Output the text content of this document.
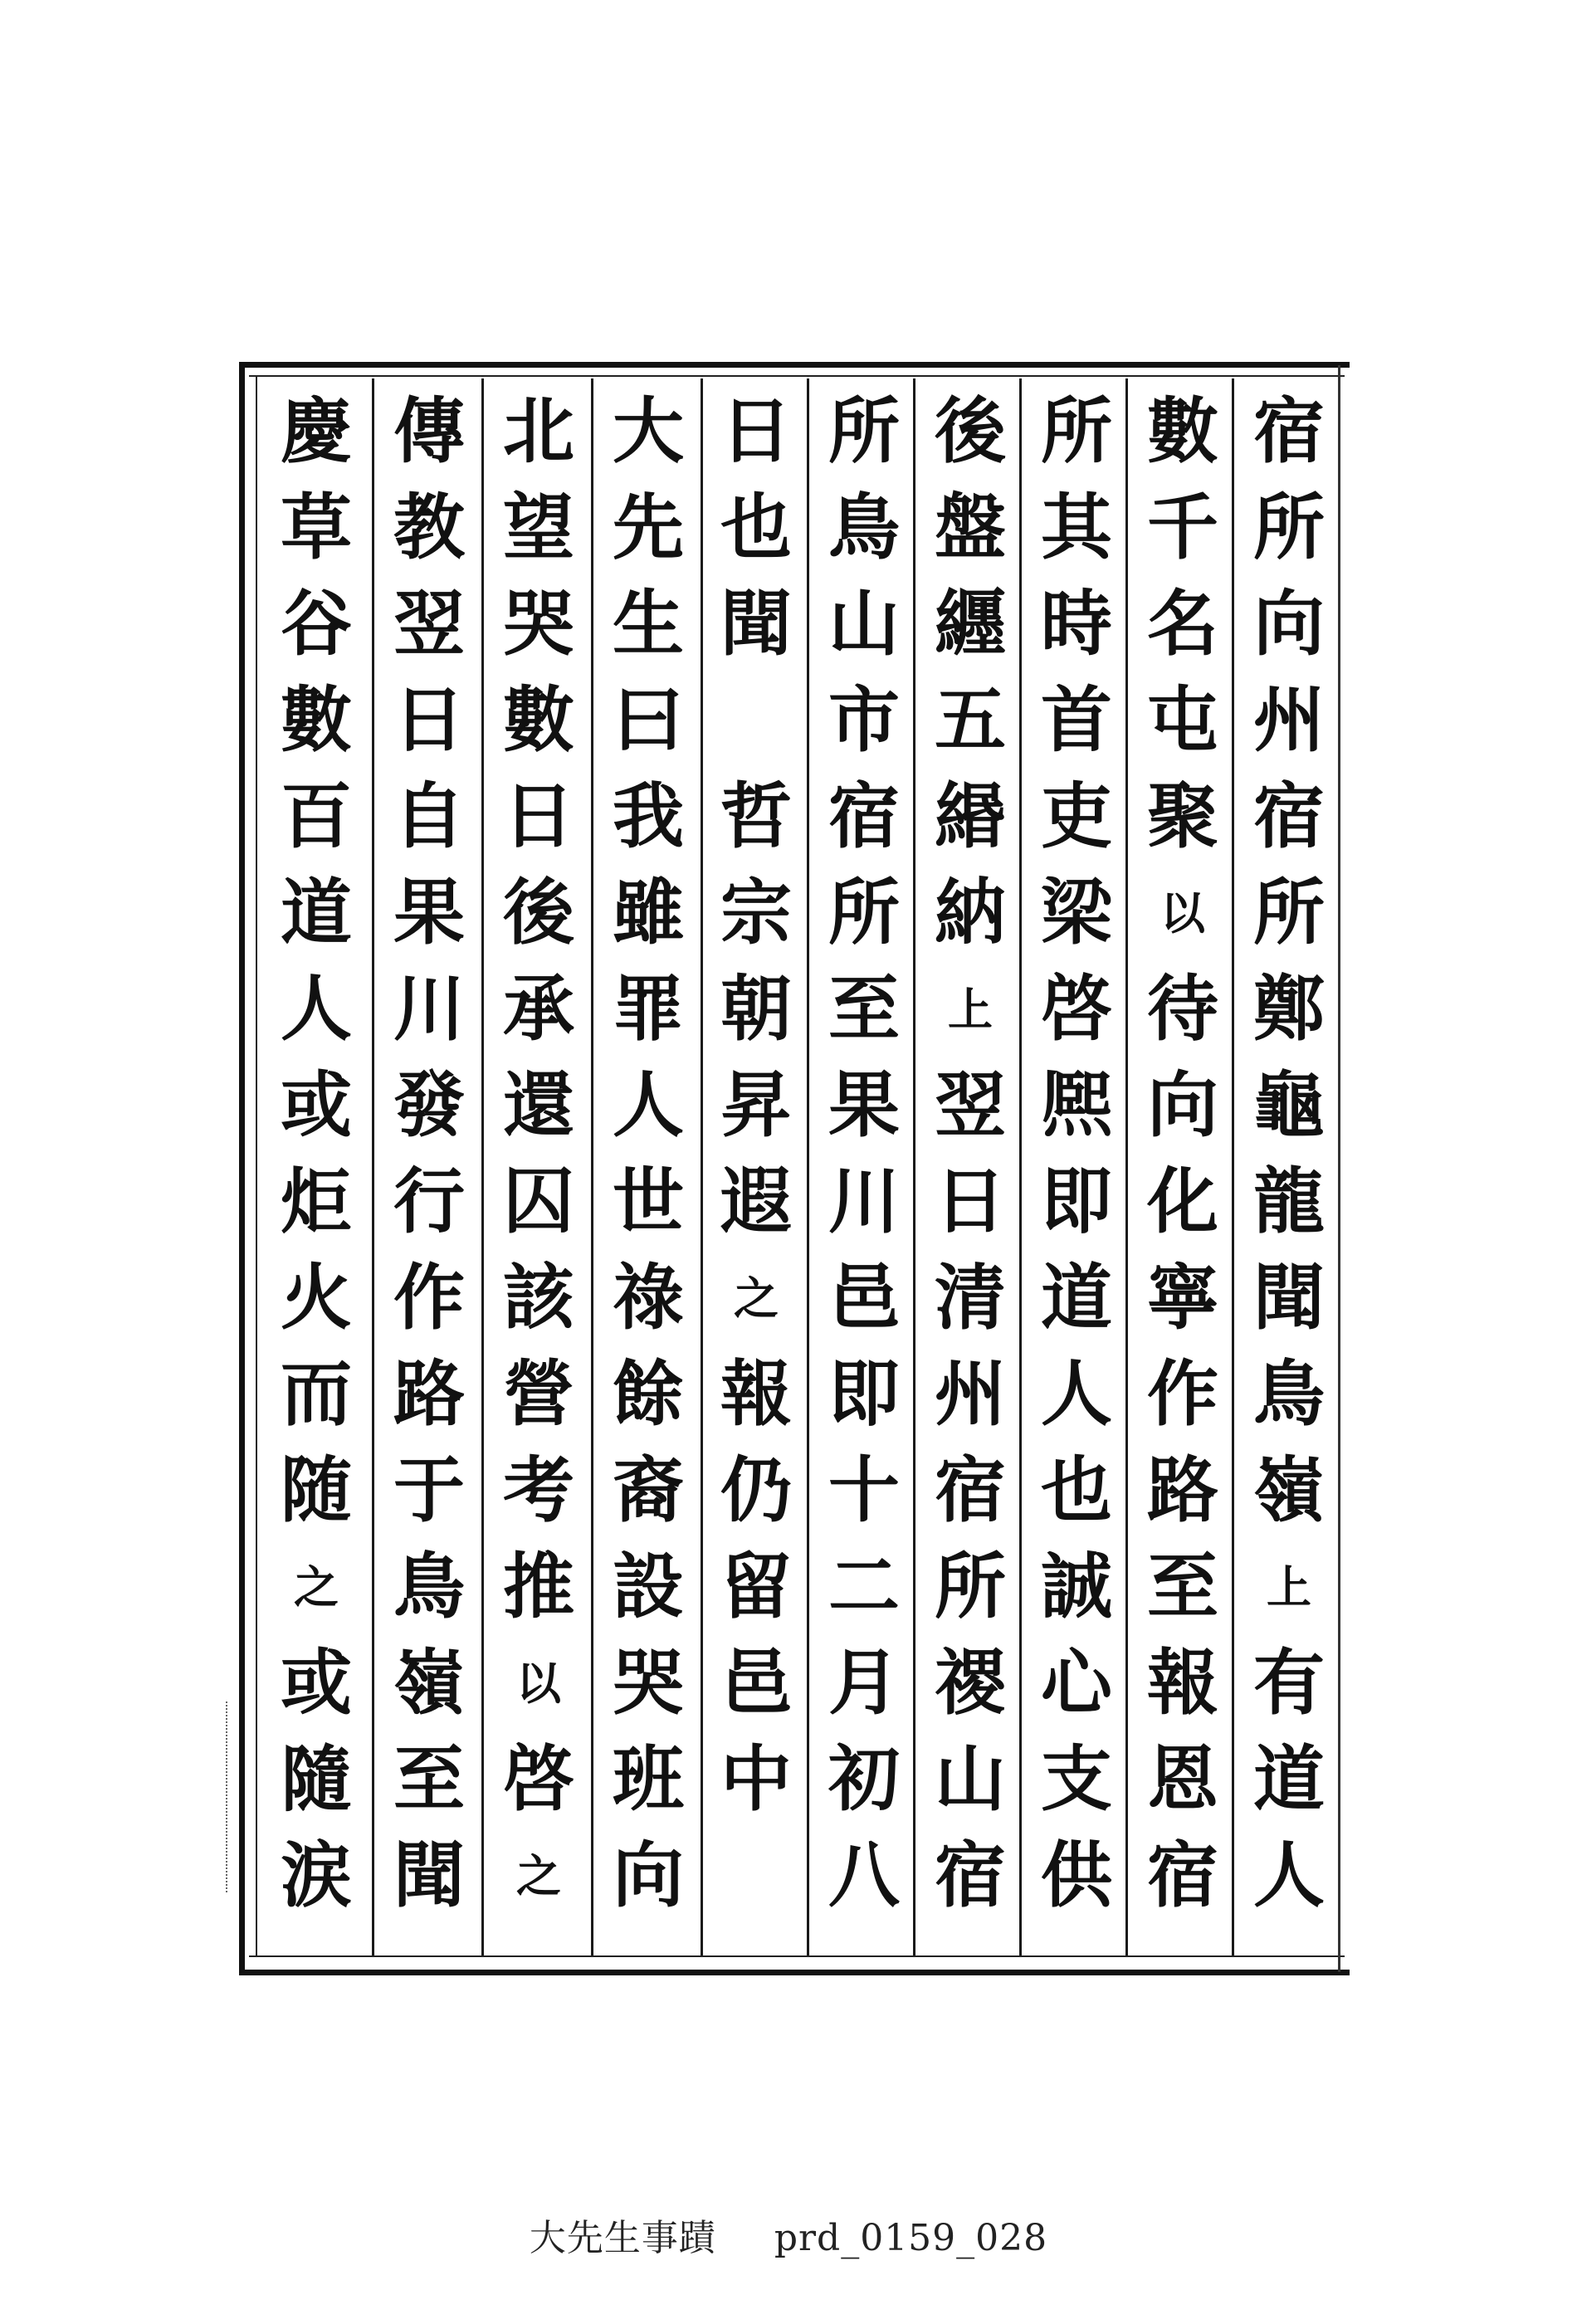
宿
所
向
州
宿
所
鄭
龜
龍
聞
鳥
嶺
上
有
道
人
數
千
名
屯
聚
以
待
向
化
寧
作
路
至
報
恩
宿
所
其
時
首
吏
梁
啓
熈
即
道
人
也
誠
心
支
供
後
盤
纒
五
緡
納
上
翌
日
清
州
宿
所
禝
山
宿
所
鳥
山
市
宿
所
至
果
川
邑
即
十
二
月
初
八
日
也
聞
哲
宗
朝
昇
遐
之
報
仍
留
邑
中
大
先
生
曰
我
雖
罪
人
世
祿
餘
裔
設
哭
班
向
北
望
哭
數
日
後
承
還
囚
該
營
考
推
以
啓
之
傳
教
翌
日
自
果
川
發
行
作
路
于
鳥
嶺
至
聞
慶
草
谷
數
百
道
人
或
炬
火
而
随
之
或
隨
涙
大先生事蹟 prd_0159_028
